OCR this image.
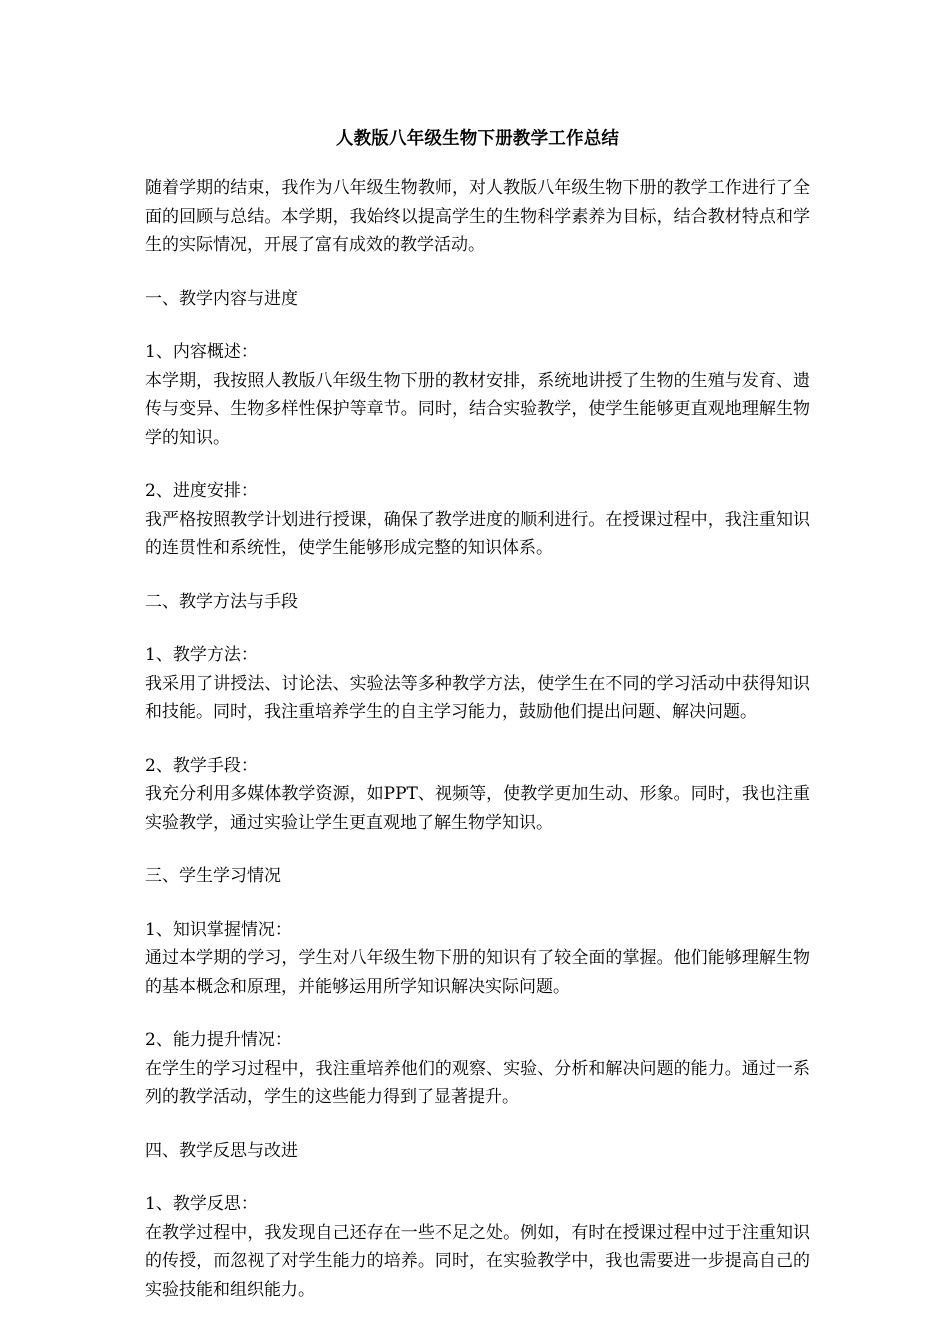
人教版八年级生物下册教学工作总结
随着学期的结束，我作为八年级生物教师，对人教版八年级生物下册的教学工作进行了全面的回顾与总结。本学期，我始终以提高学生的生物科学素养为目标，结合教材特点和学生的实际情况，开展了富有成效的教学活动。
一、教学内容与进度
1、内容概述：
本学期，我按照人教版八年级生物下册的教材安排，系统地讲授了生物的生殖与发育、遗传与变异、生物多样性保护等章节。同时，结合实验教学，使学生能够更直观地理解生物学的知识。
2、进度安排：
我严格按照教学计划进行授课，确保了教学进度的顺利进行。在授课过程中，我注重知识的连贯性和系统性，使学生能够形成完整的知识体系。
二、教学方法与手段
1、教学方法：
我采用了讲授法、讨论法、实验法等多种教学方法，使学生在不同的学习活动中获得知识和技能。同时，我注重培养学生的自主学习能力，鼓励他们提出问题、解决问题。
2、教学手段：
我充分利用多媒体教学资源，如PPT、视频等，使教学更加生动、形象。同时，我也注重实验教学，通过实验让学生更直观地了解生物学知识。
三、学生学习情况
1、知识掌握情况：
通过本学期的学习，学生对八年级生物下册的知识有了较全面的掌握。他们能够理解生物的基本概念和原理，并能够运用所学知识解决实际问题。
2、能力提升情况：
在学生的学习过程中，我注重培养他们的观察、实验、分析和解决问题的能力。通过一系列的教学活动，学生的这些能力得到了显著提升。
四、教学反思与改进
1、教学反思：
在教学过程中，我发现自己还存在一些不足之处。例如，有时在授课过程中过于注重知识的传授，而忽视了对学生能力的培养。同时，在实验教学中，我也需要进一步提高自己的实验技能和组织能力。
